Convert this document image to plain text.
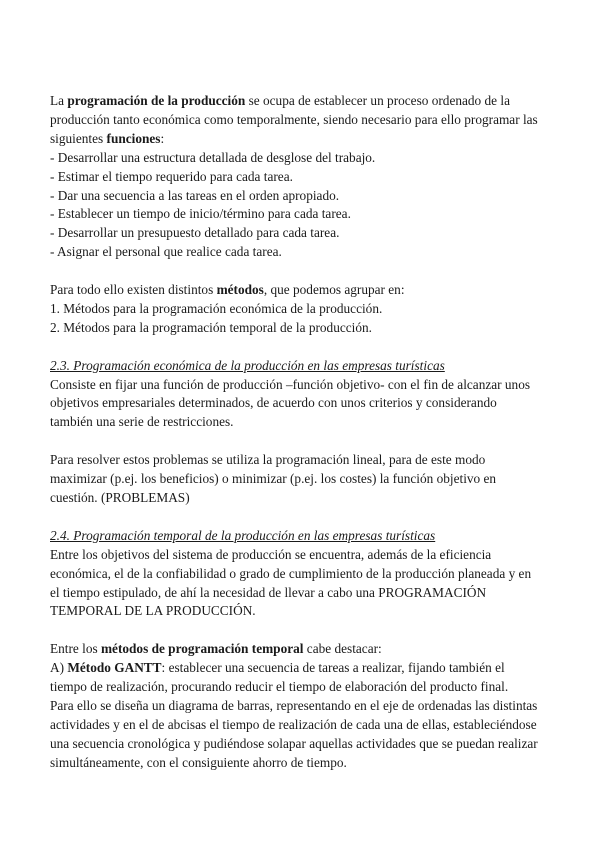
La programación de la producción se ocupa de establecer un proceso ordenado de la
producción tanto económica como temporalmente, siendo necesario para ello programar las
siguientes funciones:
- Desarrollar una estructura detallada de desglose del trabajo.
- Estimar el tiempo requerido para cada tarea.
- Dar una secuencia a las tareas en el orden apropiado.
- Establecer un tiempo de inicio/término para cada tarea.
- Desarrollar un presupuesto detallado para cada tarea.
- Asignar el personal que realice cada tarea.
Para todo ello existen distintos métodos, que podemos agrupar en:
1. Métodos para la programación económica de la producción.
2. Métodos para la programación temporal de la producción.
2.3. Programación económica de la producción en las empresas turísticas
Consiste en fijar una función de producción –función objetivo- con el fin de alcanzar unos
objetivos empresariales determinados, de acuerdo con unos criterios y considerando
también una serie de restricciones.
Para resolver estos problemas se utiliza la programación lineal, para de este modo
maximizar (p.ej. los beneficios) o minimizar (p.ej. los costes) la función objetivo en
cuestión. (PROBLEMAS)
2.4. Programación temporal de la producción en las empresas turísticas
Entre los objetivos del sistema de producción se encuentra, además de la eficiencia
económica, el de la confiabilidad o grado de cumplimiento de la producción planeada y en
el tiempo estipulado, de ahí la necesidad de llevar a cabo una PROGRAMACIÓN
TEMPORAL DE LA PRODUCCIÓN.
Entre los métodos de programación temporal cabe destacar:
A) Método GANTT: establecer una secuencia de tareas a realizar, fijando también el
tiempo de realización, procurando reducir el tiempo de elaboración del producto final.
Para ello se diseña un diagrama de barras, representando en el eje de ordenadas las distintas
actividades y en el de abcisas el tiempo de realización de cada una de ellas, estableciéndose
una secuencia cronológica y pudiéndose solapar aquellas actividades que se puedan realizar
simultáneamente, con el consiguiente ahorro de tiempo.
